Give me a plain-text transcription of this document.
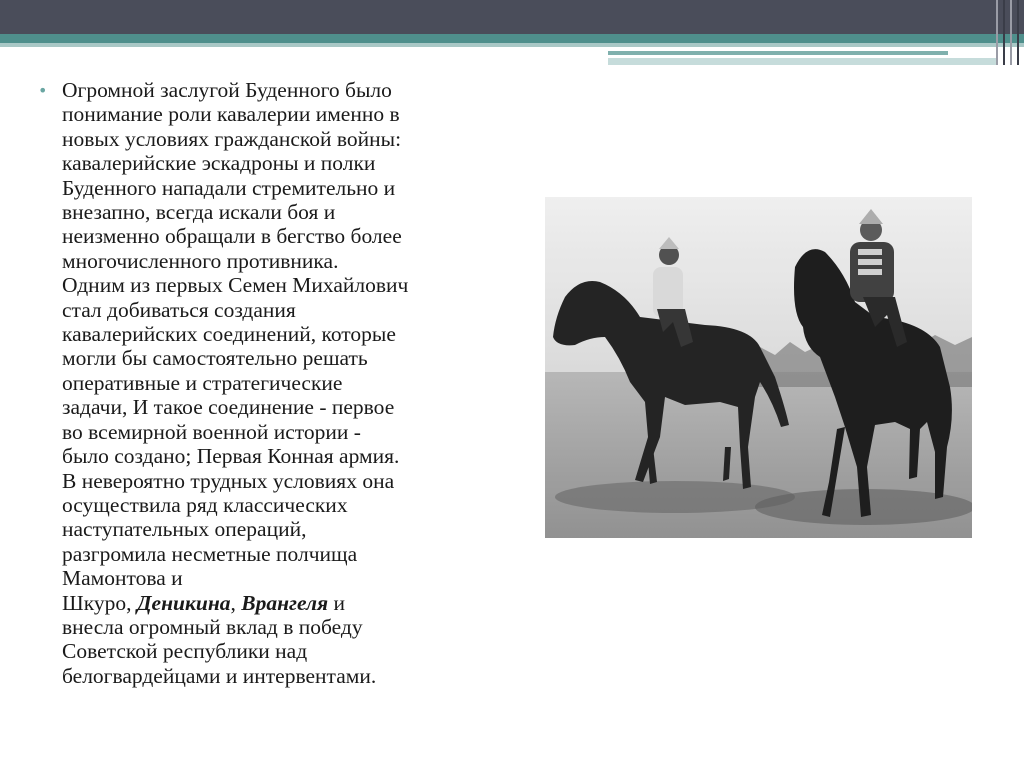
• Огромной заслугой Буденного было
понимание роли кавалерии именно в
новых условиях гражданской войны:
кавалерийские эскадроны и полки
Буденного нападали стремительно и
внезапно, всегда искали боя и
неизменно обращали в бегство более
многочисленного противника.
Одним из первых Семен Михайлович
стал добиваться создания
кавалерийских соединений, которые
могли бы самостоятельно решать
оперативные и стратегические
задачи, И такое соединение - первое
во всемирной военной истории -
было создано; Первая Конная армия.
В невероятно трудных условиях она
осуществила ряд классических
наступательных операций,
разгромила несметные полчища
Мамонтова и
Шкуро, Деникина, Врангеля и
внесла огромный вклад в победу
Советской республики над
белогвардейцами и интервентами.
